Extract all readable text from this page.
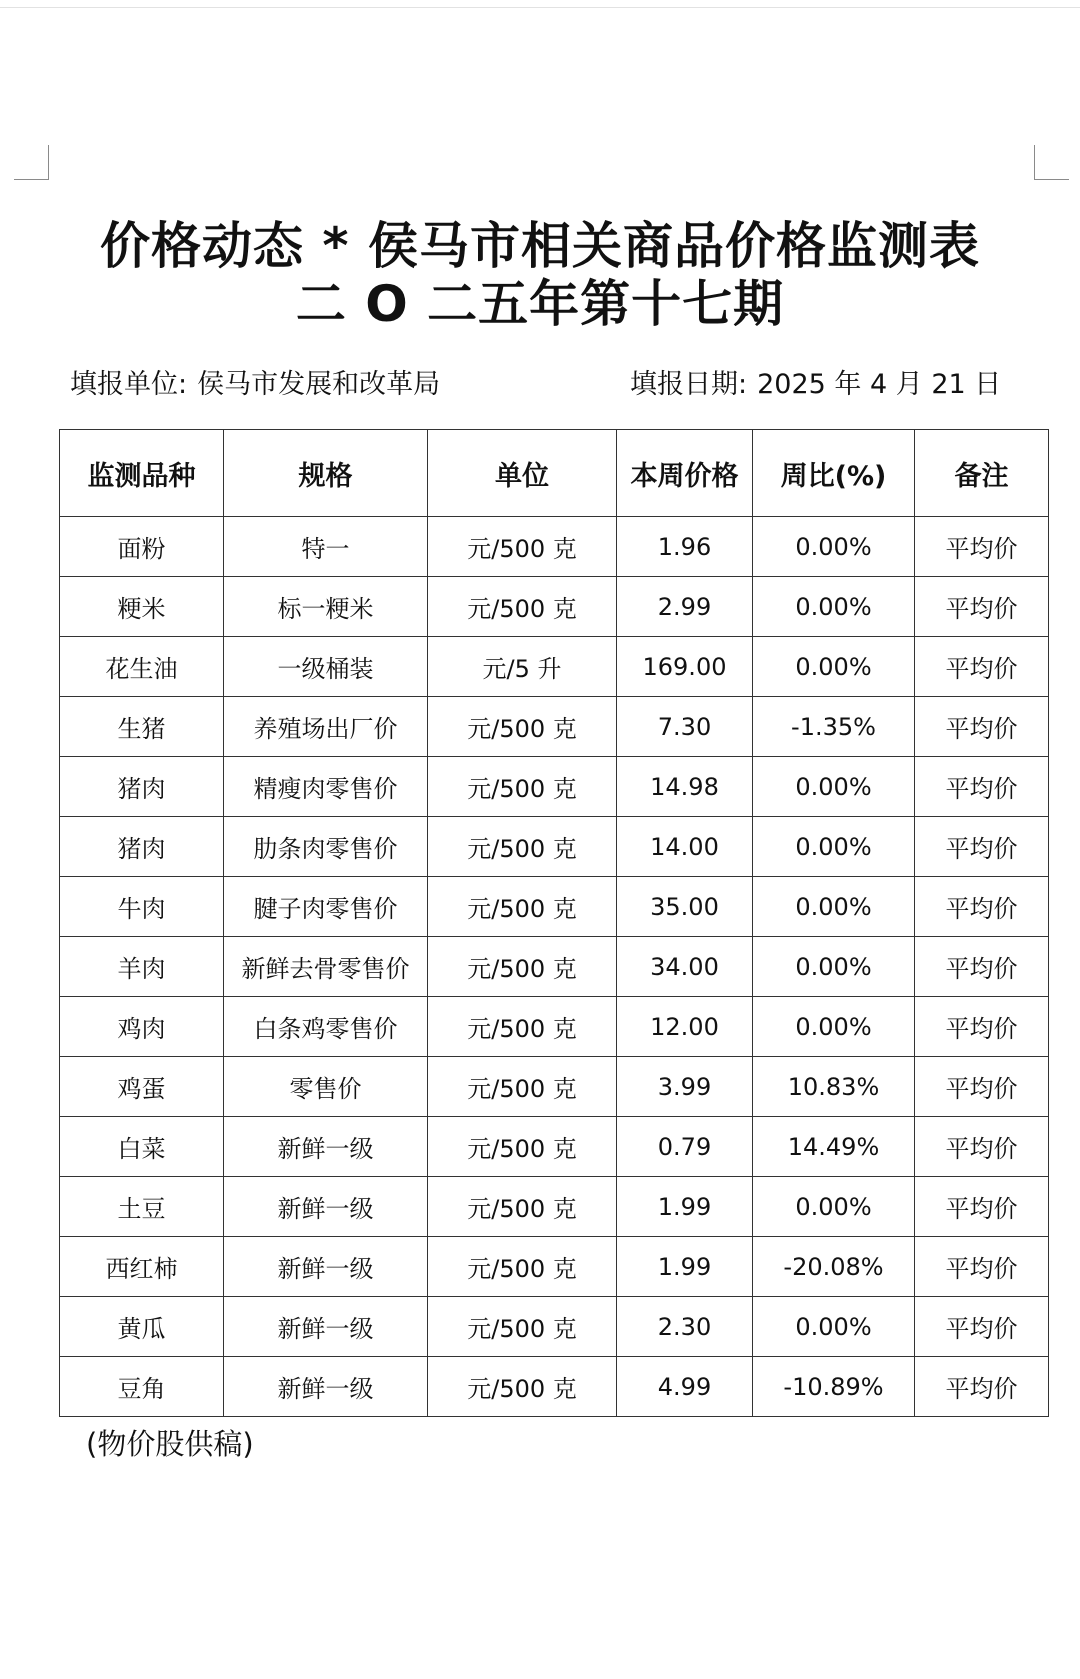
价格动态 * 侯马市相关商品价格监测表
二 O 二五年第十七期
填报单位: 侯马市发展和改革局	填报日期: 2025 年 4 月 21 日
监测品种	规格	单位	本周价格	周比(%)	备注
面粉	特一	元/500 克	1.96	0.00%	平均价
粳米	标一粳米	元/500 克	2.99	0.00%	平均价
花生油	一级桶装	元/5 升	169.00	0.00%	平均价
生猪	养殖场出厂价	元/500 克	7.30	-1.35%	平均价
猪肉	精瘦肉零售价	元/500 克	14.98	0.00%	平均价
猪肉	肋条肉零售价	元/500 克	14.00	0.00%	平均价
牛肉	腱子肉零售价	元/500 克	35.00	0.00%	平均价
羊肉	新鲜去骨零售价	元/500 克	34.00	0.00%	平均价
鸡肉	白条鸡零售价	元/500 克	12.00	0.00%	平均价
鸡蛋	零售价	元/500 克	3.99	10.83%	平均价
白菜	新鲜一级	元/500 克	0.79	14.49%	平均价
土豆	新鲜一级	元/500 克	1.99	0.00%	平均价
西红柿	新鲜一级	元/500 克	1.99	-20.08%	平均价
黄瓜	新鲜一级	元/500 克	2.30	0.00%	平均价
豆角	新鲜一级	元/500 克	4.99	-10.89%	平均价
(物价股供稿)
